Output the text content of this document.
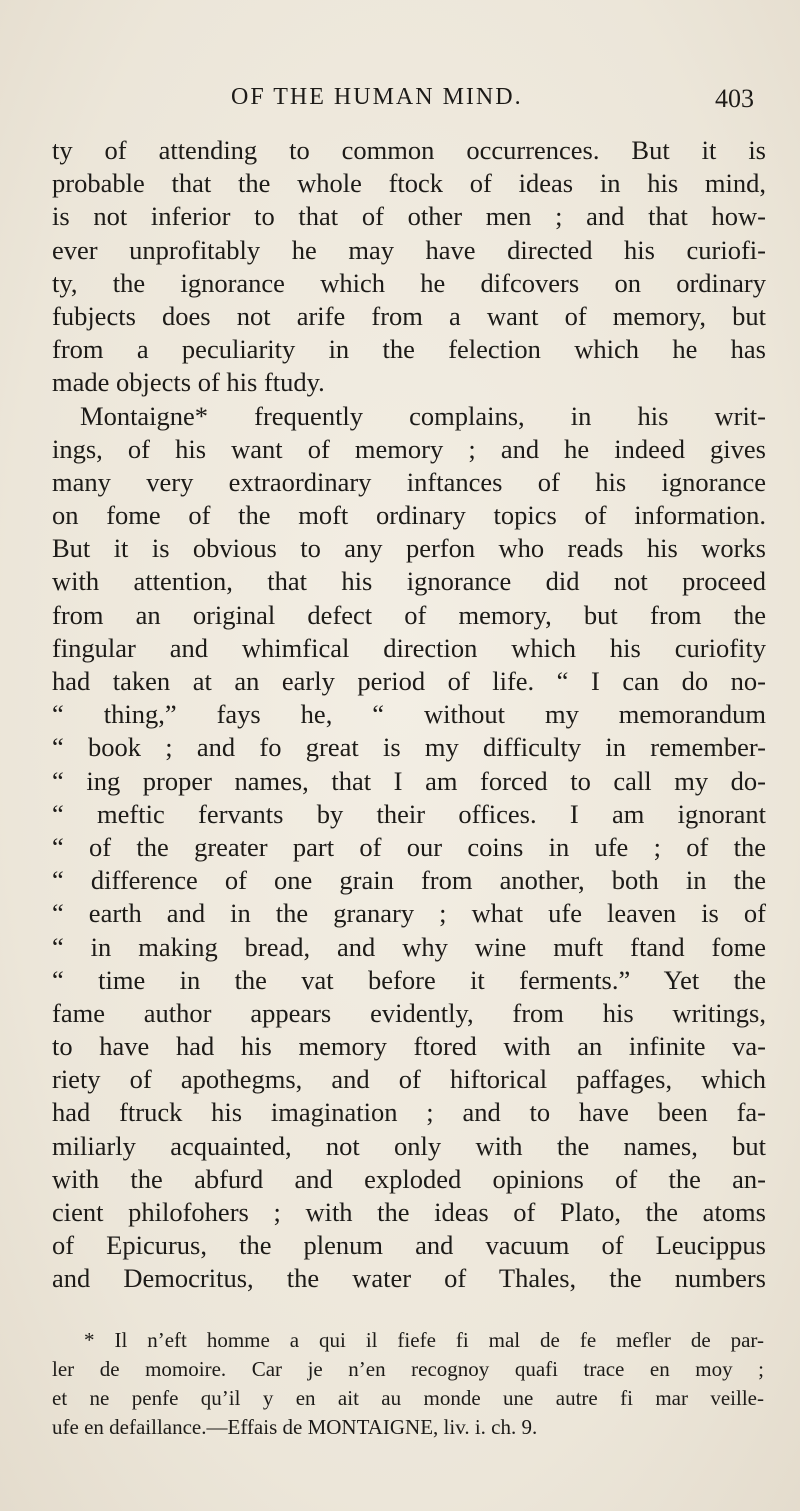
OF THE HUMAN MIND.	403
ty of attending to common occurrences. But it is
probable that the whole ftock of ideas in his mind,
is not inferior to that of other men ; and that how-
ever unprofitably he may have directed his curiofi-
ty, the ignorance which he difcovers on ordinary
fubjects does not arife from a want of memory, but
from a peculiarity in the felection which he has
made objects of his ftudy.
Montaigne* frequently complains, in his writ-
ings, of his want of memory ; and he indeed gives
many very extraordinary inftances of his ignorance
on fome of the moft ordinary topics of information.
But it is obvious to any perfon who reads his works
with attention, that his ignorance did not proceed
from an original defect of memory, but from the
fingular and whimfical direction which his curiofity
had taken at an early period of life. “ I can do no-
“ thing,” fays he, “ without my memorandum
“ book ; and fo great is my difficulty in remember-
“ ing proper names, that I am forced to call my do-
“ meftic fervants by their offices. I am ignorant
“ of the greater part of our coins in ufe ; of the
“ difference of one grain from another, both in the
“ earth and in the granary ; what ufe leaven is of
“ in making bread, and why wine muft ftand fome
“ time in the vat before it ferments.” Yet the
fame author appears evidently, from his writings,
to have had his memory ftored with an infinite va-
riety of apothegms, and of hiftorical paffages, which
had ftruck his imagination ; and to have been fa-
miliarly acquainted, not only with the names, but
with the abfurd and exploded opinions of the an-
cient philofohers ; with the ideas of Plato, the atoms
of Epicurus, the plenum and vacuum of Leucippus
and Democritus, the water of Thales, the numbers
* Il n’eft homme a qui il fiefe fi mal de fe mefler de par-
ler de momoire. Car je n’en recognoy quafi trace en moy ;
et ne penfe qu’il y en ait au monde une autre fi mar veille-
ufe en defaillance.—Effais de MONTAIGNE, liv. i. ch. 9.
